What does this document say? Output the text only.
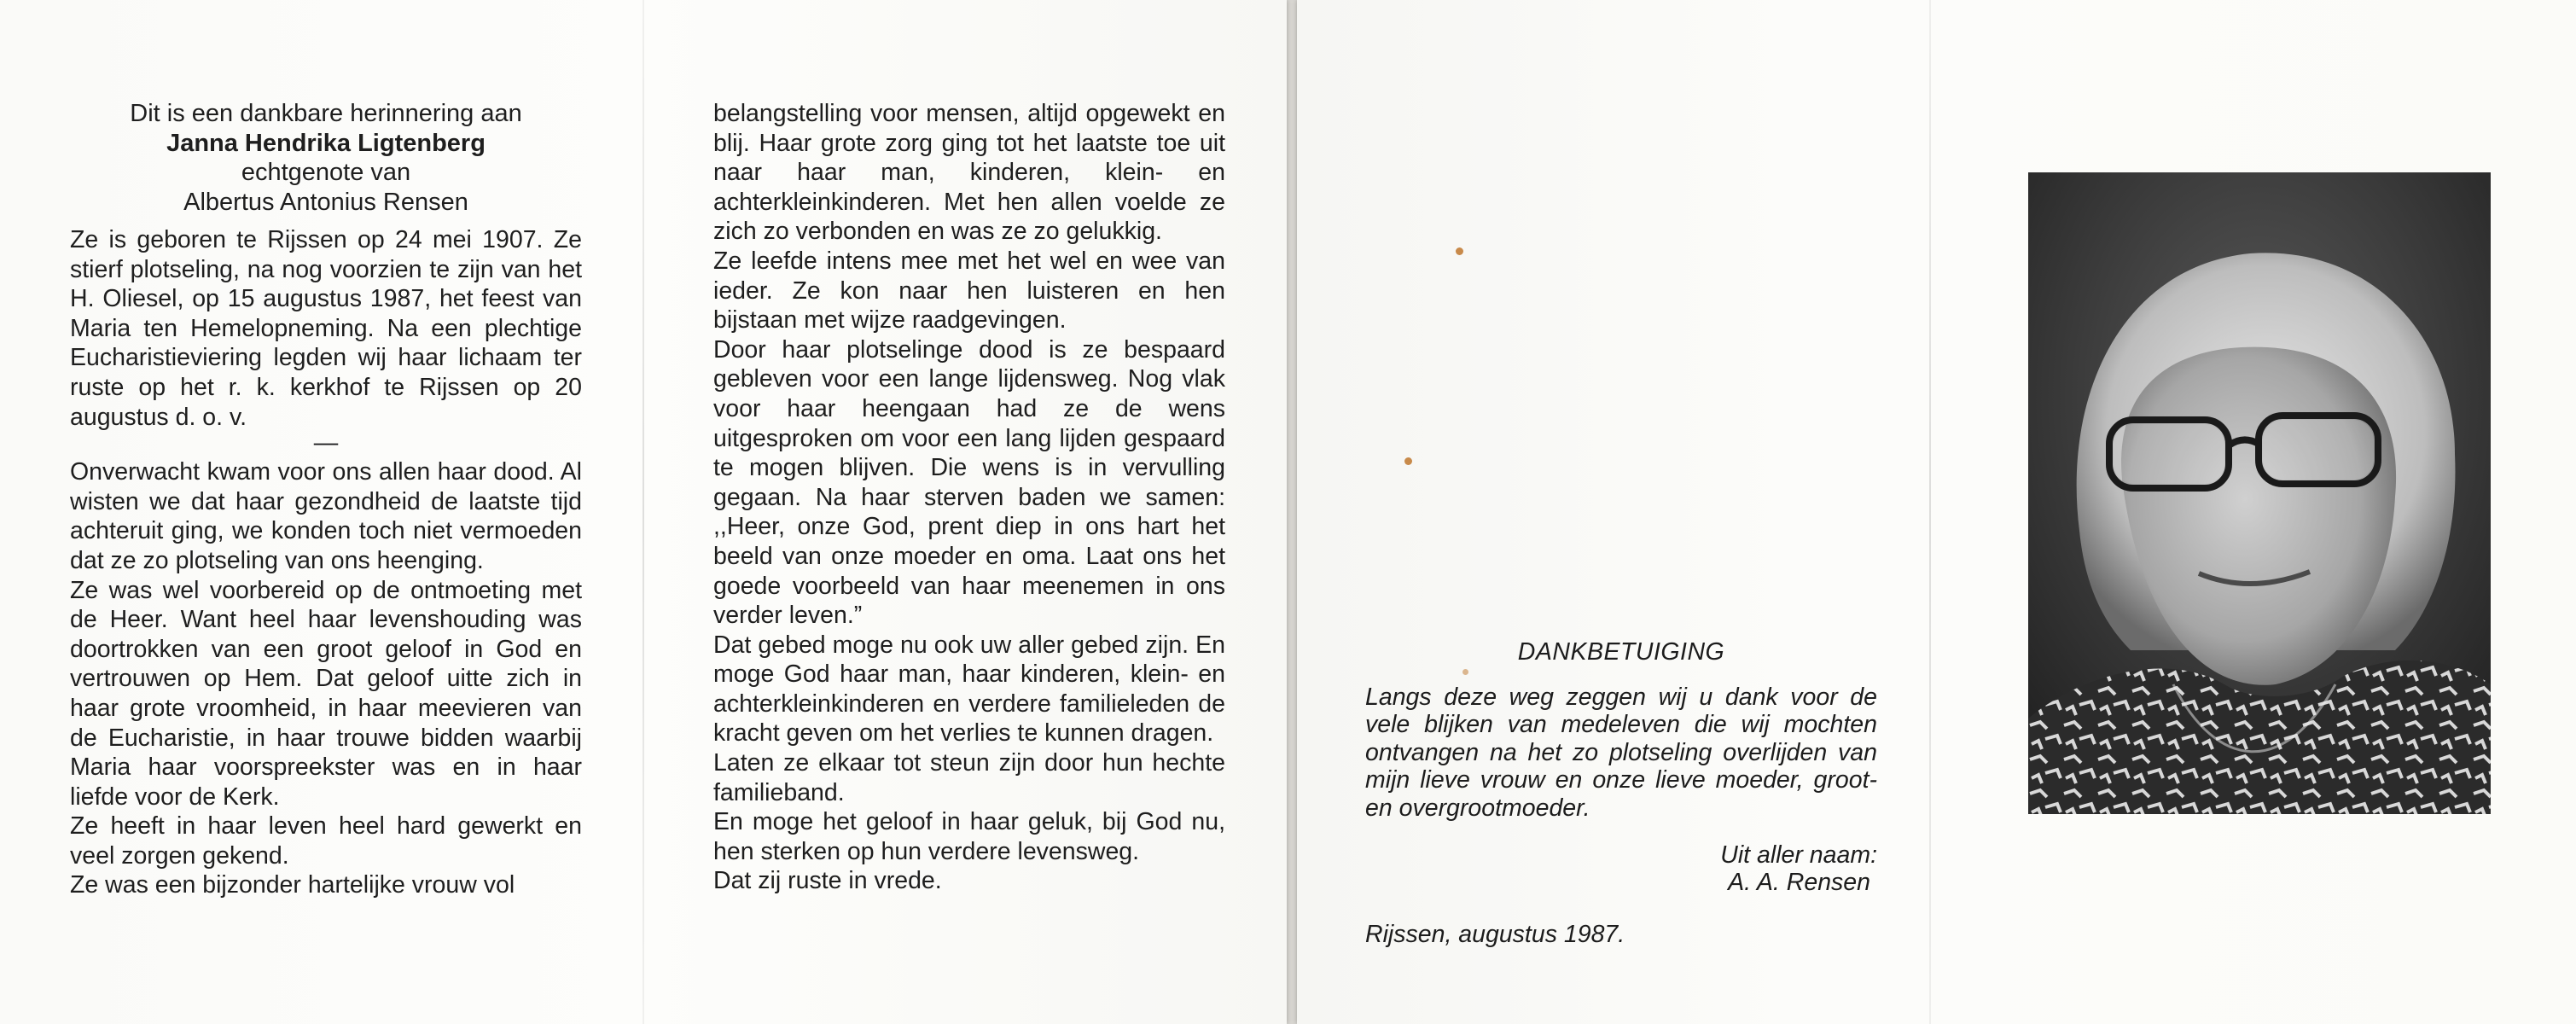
Dit is een dankbare herinnering aan

Janna Hendrika Ligtenberg

echtgenote van

Albertus Antonius Rensen

Ze is geboren te Rijssen op 24 mei 1907. Ze stierf plotseling, na nog voorzien te zijn van het H. Oliesel, op 15 augustus 1987, het feest van Maria ten Hemelopneming. Na een plechtige Eucharistieviering legden wij haar lichaam ter ruste op het r. k. kerkhof te Rijssen op 20 augustus d. o. v.

—

Onverwacht kwam voor ons allen haar dood. Al wisten we dat haar gezondheid de laatste tijd achteruit ging, we konden toch niet vermoeden dat ze zo plotseling van ons heenging.

Ze was wel voorbereid op de ontmoeting met de Heer. Want heel haar levenshouding was doortrokken van een groot geloof in God en vertrouwen op Hem. Dat geloof uitte zich in haar grote vroomheid, in haar meevieren van de Eucharistie, in haar trouwe bidden waarbij Maria haar voorspreekster was en in haar liefde voor de Kerk.

Ze heeft in haar leven heel hard gewerkt en veel zorgen gekend.

Ze was een bijzonder hartelijke vrouw vol

belangstelling voor mensen, altijd opgewekt en blij. Haar grote zorg ging tot het laatste toe uit naar haar man, kinderen, klein- en achterkleinkinderen. Met hen allen voelde ze zich zo verbonden en was ze zo gelukkig.

Ze leefde intens mee met het wel en wee van ieder. Ze kon naar hen luisteren en hen bijstaan met wijze raadgevingen.

Door haar plotselinge dood is ze bespaard gebleven voor een lange lijdensweg. Nog vlak voor haar heengaan had ze de wens uitgesproken om voor een lang lijden gespaard te mogen blijven. Die wens is in vervulling gegaan. Na haar sterven baden we samen: ,,Heer, onze God, prent diep in ons hart het beeld van onze moeder en oma. Laat ons het goede voorbeeld van haar meenemen in ons verder leven.”

Dat gebed moge nu ook uw aller gebed zijn. En moge God haar man, haar kinderen, klein- en achterkleinkinderen en verdere familieleden de kracht geven om het verlies te kunnen dragen.

Laten ze elkaar tot steun zijn door hun hechte familieband.

En moge het geloof in haar geluk, bij God nu, hen sterken op hun verdere levensweg.

Dat zij ruste in vrede.

DANKBETUIGING

Langs deze weg zeggen wij u dank voor de vele blijken van medeleven die wij mochten ontvangen na het zo plotseling overlijden van mijn lieve vrouw en onze lieve moeder, groot- en overgrootmoeder.

Uit aller naam:

A. A. Rensen

Rijssen, augustus 1987.
